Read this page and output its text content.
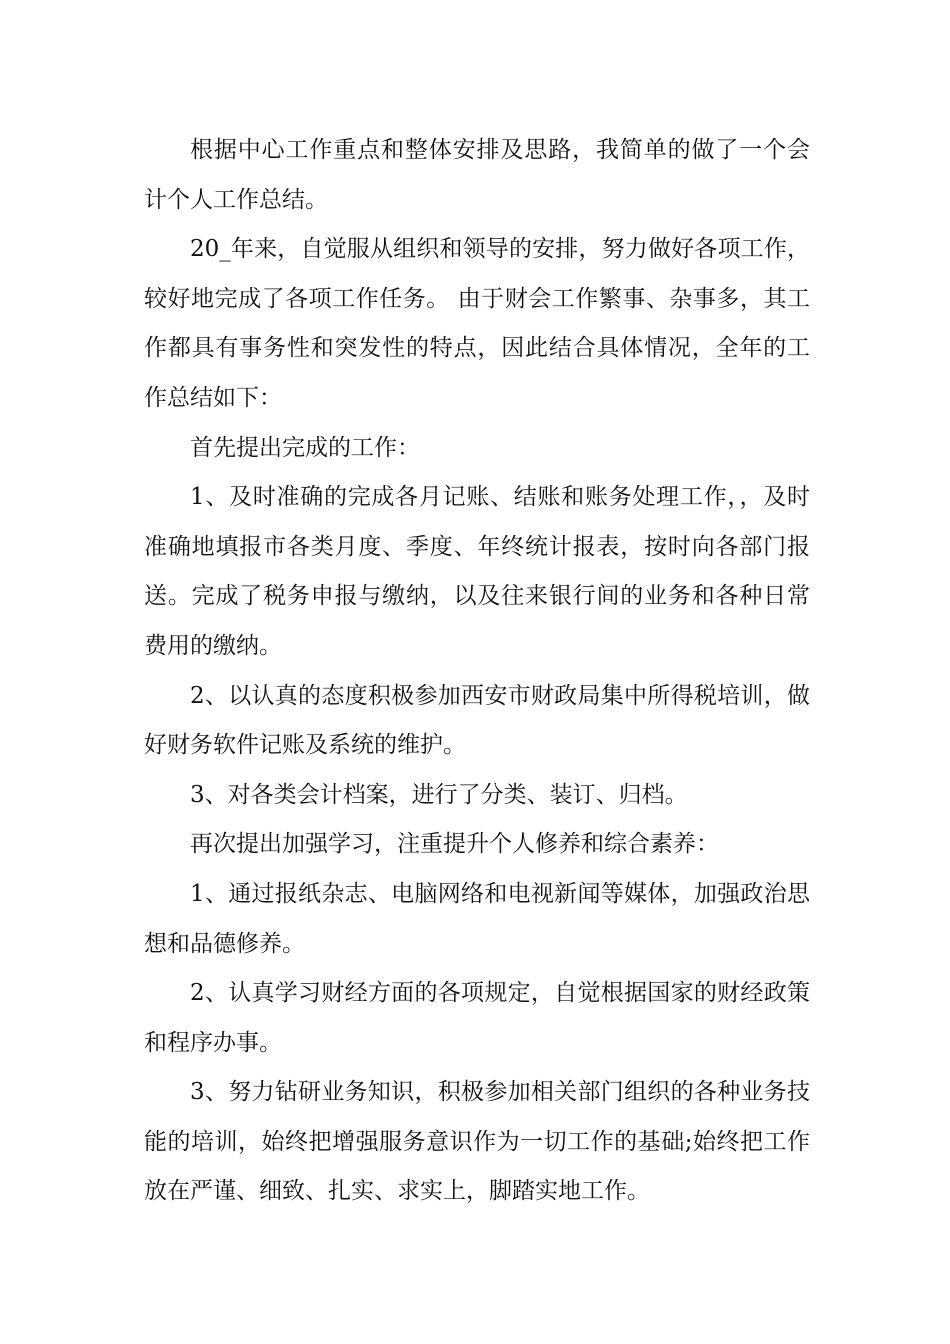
根据中心工作重点和整体安排及思路，我简单的做了一个会计个人工作总结。

20_年来，自觉服从组织和领导的安排，努力做好各项工作，较好地完成了各项工作任务。 由于财会工作繁事、杂事多，其工作都具有事务性和突发性的特点，因此结合具体情况，全年的工作总结如下：

首先提出完成的工作：

1、及时准确的完成各月记账、结账和账务处理工作，，及时准确地填报市各类月度、季度、年终统计报表，按时向各部门报送。完成了税务申报与缴纳，以及往来银行间的业务和各种日常费用的缴纳。

2、以认真的态度积极参加西安市财政局集中所得税培训，做好财务软件记账及系统的维护。

3、对各类会计档案，进行了分类、装订、归档。

再次提出加强学习，注重提升个人修养和综合素养：

1、通过报纸杂志、电脑网络和电视新闻等媒体，加强政治思想和品德修养。

2、认真学习财经方面的各项规定，自觉根据国家的财经政策和程序办事。

3、努力钻研业务知识，积极参加相关部门组织的各种业务技能的培训，始终把增强服务意识作为一切工作的基础;始终把工作放在严谨、细致、扎实、求实上，脚踏实地工作。
